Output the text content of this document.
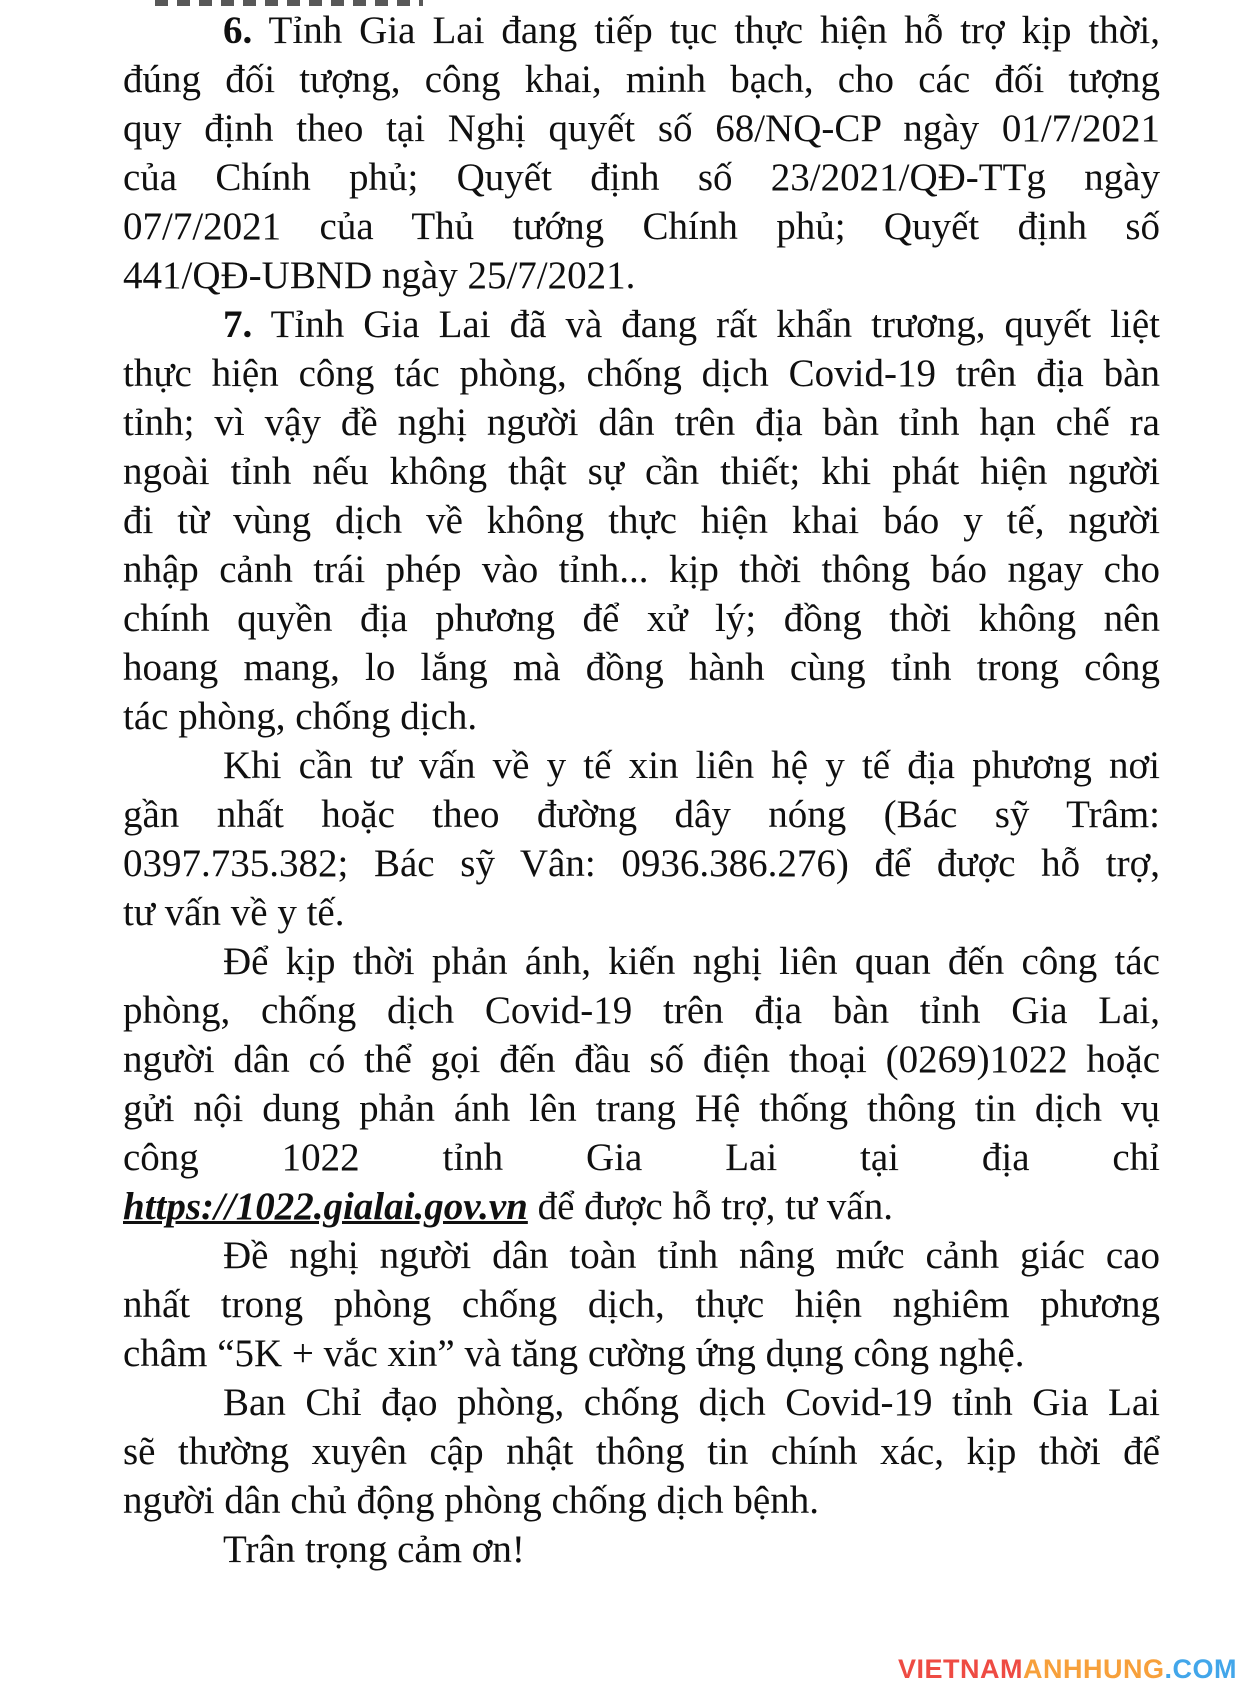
6. Tỉnh Gia Lai đang tiếp tục thực hiện hỗ trợ kịp thời,
đúng đối tượng, công khai, minh bạch, cho các đối tượng
quy định theo tại Nghị quyết số 68/NQ-CP ngày 01/7/2021
của Chính phủ; Quyết định số 23/2021/QĐ-TTg ngày
07/7/2021 của Thủ tướng Chính phủ; Quyết định số
441/QĐ-UBND ngày 25/7/2021.
7. Tỉnh Gia Lai đã và đang rất khẩn trương, quyết liệt
thực hiện công tác phòng, chống dịch Covid-19 trên địa bàn
tỉnh; vì vậy đề nghị người dân trên địa bàn tỉnh hạn chế ra
ngoài tỉnh nếu không thật sự cần thiết; khi phát hiện người
đi từ vùng dịch về không thực hiện khai báo y tế, người
nhập cảnh trái phép vào tỉnh... kịp thời thông báo ngay cho
chính quyền địa phương để xử lý; đồng thời không nên
hoang mang, lo lắng mà đồng hành cùng tỉnh trong công
tác phòng, chống dịch.
Khi cần tư vấn về y tế xin liên hệ y tế địa phương nơi
gần nhất hoặc theo đường dây nóng (Bác sỹ Trâm:
0397.735.382; Bác sỹ Vân: 0936.386.276) để được hỗ trợ,
tư vấn về y tế.
Để kịp thời phản ánh, kiến nghị liên quan đến công tác
phòng, chống dịch Covid-19 trên địa bàn tỉnh Gia Lai,
người dân có thể gọi đến đầu số điện thoại (0269)1022 hoặc
gửi nội dung phản ánh lên trang Hệ thống thông tin dịch vụ
công 1022 tỉnh Gia Lai tại địa chỉ
https://1022.gialai.gov.vn để được hỗ trợ, tư vấn.
Đề nghị người dân toàn tỉnh nâng mức cảnh giác cao
nhất trong phòng chống dịch, thực hiện nghiêm phương
châm “5K + vắc xin” và tăng cường ứng dụng công nghệ.
Ban Chỉ đạo phòng, chống dịch Covid-19 tỉnh Gia Lai
sẽ thường xuyên cập nhật thông tin chính xác, kịp thời để
người dân chủ động phòng chống dịch bệnh.
Trân trọng cảm ơn!
VIETNAMANHHUNG.COM
